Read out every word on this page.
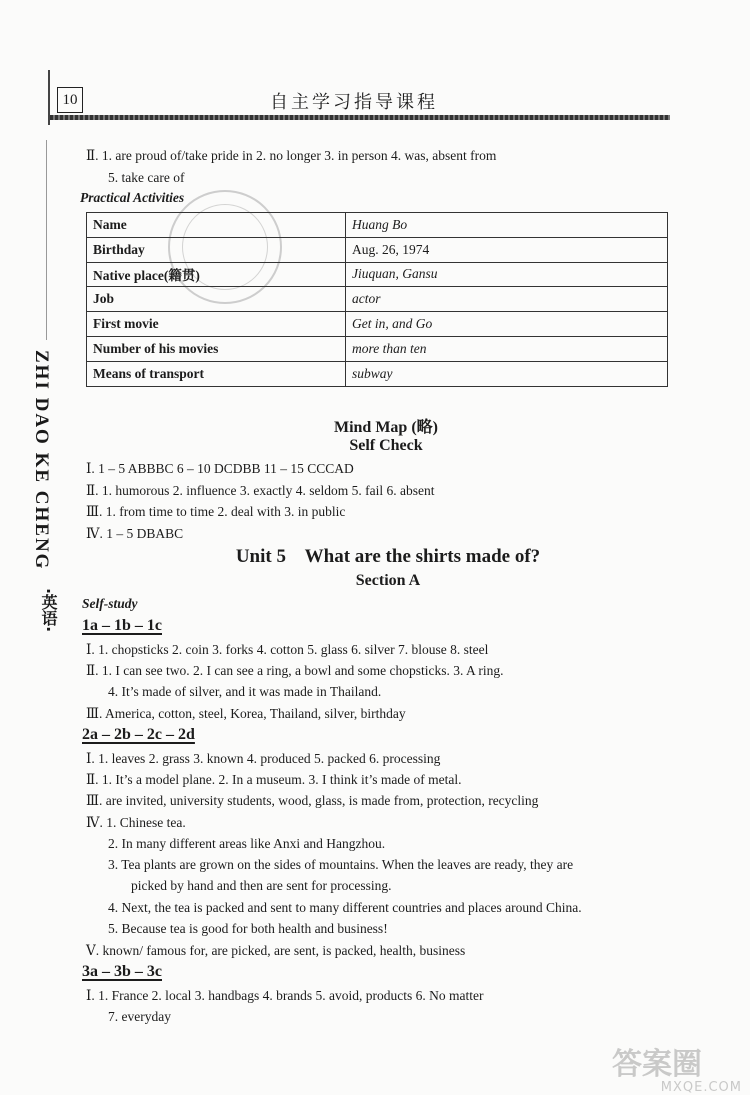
10	自主学习指导课程
ZHI DAO KE CHENG
·英语·
Ⅱ. 1. are proud of/take pride in 2. no longer 3. in person 4. was, absent from
5. take care of
Practical Activities
Name	Huang Bo
Birthday	Aug. 26, 1974
Native place(籍贯)	Jiuquan, Gansu
Job	actor
First movie	Get in, and Go
Number of his movies	more than ten
Means of transport	subway
Mind Map (略)
Self Check
Ⅰ. 1 – 5 ABBBC 6 – 10 DCDBB 11 – 15 CCCAD
Ⅱ. 1. humorous 2. influence 3. exactly 4. seldom 5. fail 6. absent
Ⅲ. 1. from time to time 2. deal with 3. in public
Ⅳ. 1 – 5 DBABC
Unit 5    What are the shirts made of?
Section A
Self-study
1a – 1b – 1c
Ⅰ. 1. chopsticks 2. coin 3. forks 4. cotton 5. glass 6. silver 7. blouse 8. steel
Ⅱ. 1. I can see two. 2. I can see a ring, a bowl and some chopsticks. 3. A ring.
4. It’s made of silver, and it was made in Thailand.
Ⅲ. America, cotton, steel, Korea, Thailand, silver, birthday
2a – 2b – 2c – 2d
Ⅰ. 1. leaves 2. grass 3. known 4. produced 5. packed 6. processing
Ⅱ. 1. It’s a model plane. 2. In a museum. 3. I think it’s made of metal.
Ⅲ. are invited, university students, wood, glass, is made from, protection, recycling
Ⅳ. 1. Chinese tea.
2. In many different areas like Anxi and Hangzhou.
3. Tea plants are grown on the sides of mountains. When the leaves are ready, they are
picked by hand and then are sent for processing.
4. Next, the tea is packed and sent to many different countries and places around China.
5. Because tea is good for both health and business!
Ⅴ. known/ famous for, are picked, are sent, is packed, health, business
3a – 3b – 3c
Ⅰ. 1. France 2. local 3. handbags 4. brands 5. avoid, products 6. No matter
7. everyday
答案圈
MXQE.COM
